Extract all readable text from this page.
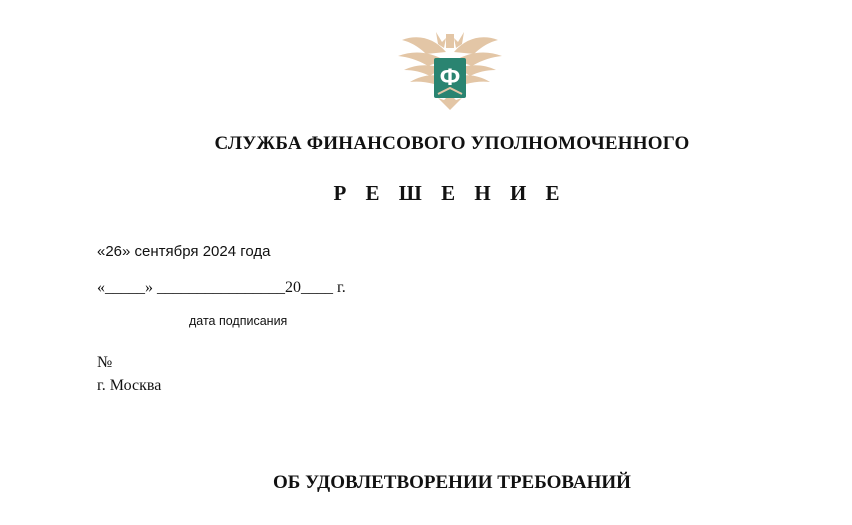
Ф
СЛУЖБА ФИНАНСОВОГО УПОЛНОМОЧЕННОГО
Р Е Ш Е Н И Е
«26» сентября 2024 года
«_____» ________________20____ г.
дата подписания
№
г. Москва
ОБ УДОВЛЕТВОРЕНИИ ТРЕБОВАНИЙ
